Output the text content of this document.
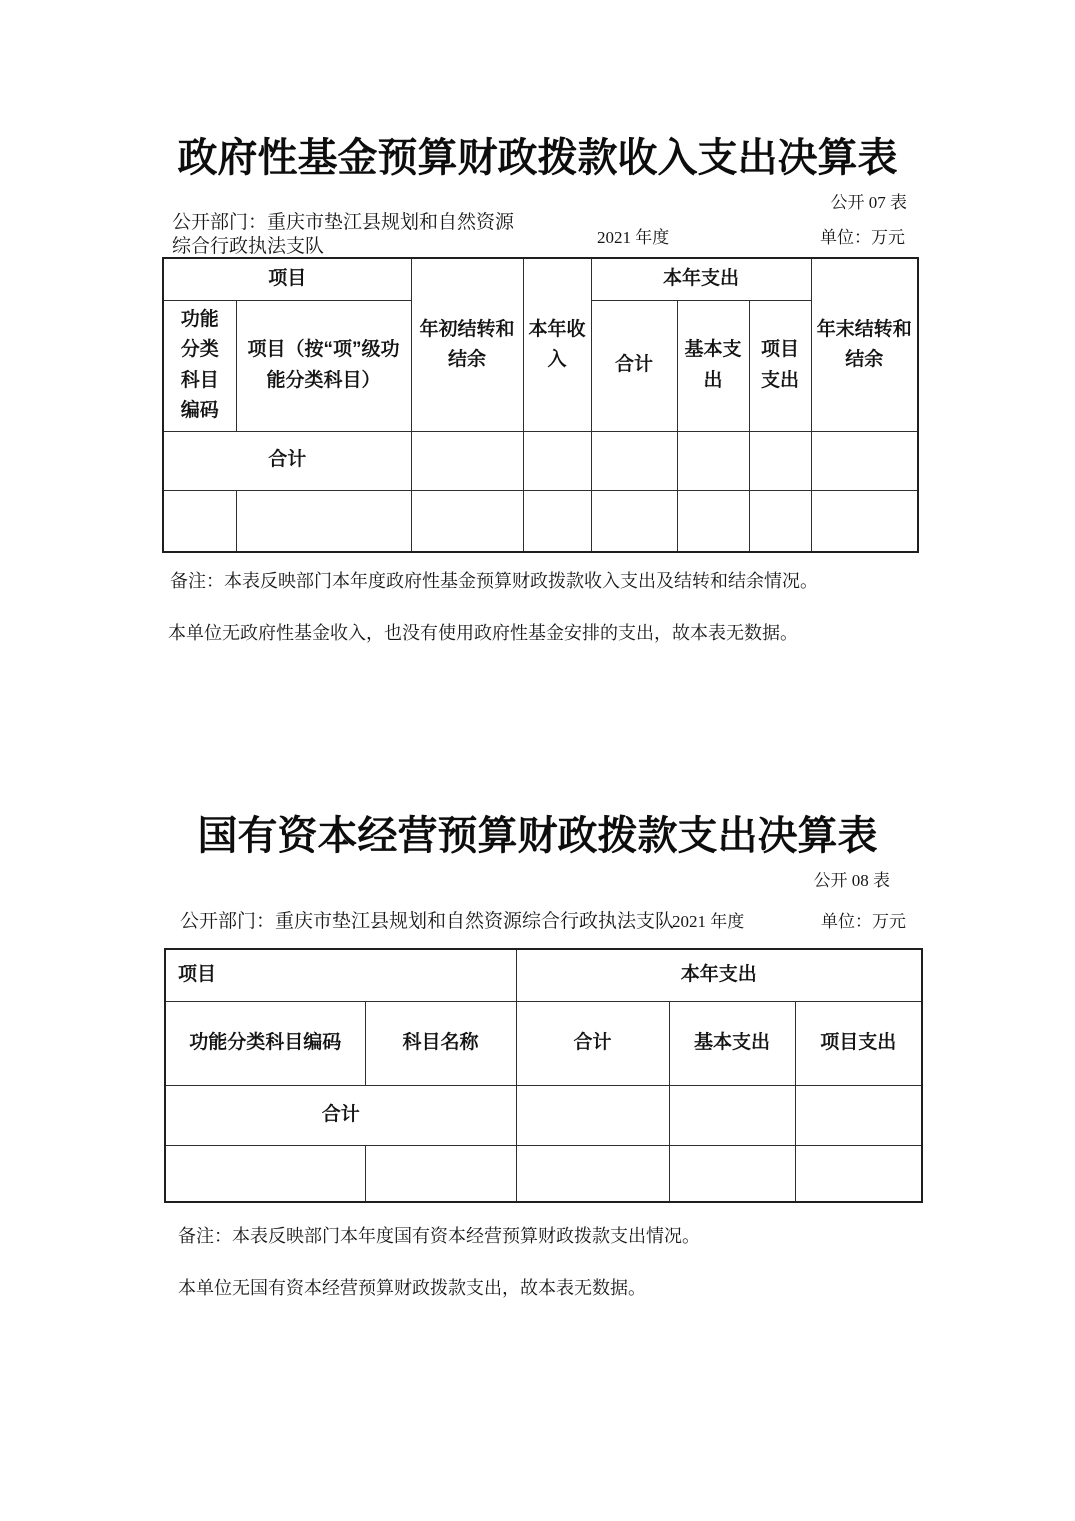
政府性基金预算财政拨款收入支出决算表
公开 07 表
公开部门：重庆市垫江县规划和自然资源
综合行政执法支队	2021 年度	单位：万元
项目		年初结转和结余	本年收入	本年支出			年末结转和结余
功能分类科目编码	项目（按“项”级功能分类科目）			合计	基本支出	项目支出	
合计							

备注：本表反映部门本年度政府性基金预算财政拨款收入支出及结转和结余情况。

本单位无政府性基金收入，也没有使用政府性基金安排的支出，故本表无数据。

国有资本经营预算财政拨款支出决算表
公开 08 表
公开部门：重庆市垫江县规划和自然资源综合行政执法支队
2021 年度	单位：万元
项目		本年支出		
功能分类科目编码	科目名称	合计	基本支出	项目支出
合计				

备注：本表反映部门本年度国有资本经营预算财政拨款支出情况。

本单位无国有资本经营预算财政拨款支出，故本表无数据。
